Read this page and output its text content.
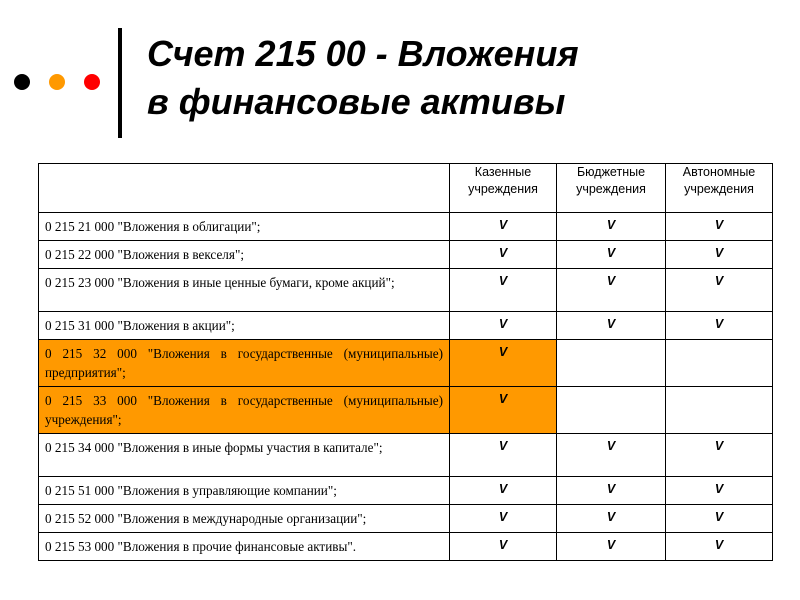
Счет 215 00 - Вложения
в финансовые активы
	Казенные учреждения	Бюджетные учреждения	Автономные учреждения
0 215 21 000 "Вложения в облигации";	V	V	V
0 215 22 000 "Вложения в векселя";	V	V	V
0 215 23 000 "Вложения в иные ценные бумаги, кроме акций";	V	V	V
0 215 31 000 "Вложения в акции";	V	V	V
0 215 32 000 "Вложения в государственные (муниципальные) предприятия";	V		
0 215 33 000 "Вложения в государственные (муниципальные) учреждения";	V		
0 215 34 000 "Вложения в иные формы участия в капитале";	V	V	V
0 215 51 000 "Вложения в управляющие компании";	V	V	V
0 215 52 000 "Вложения в международные организации";	V	V	V
0 215 53 000 "Вложения в прочие финансовые активы".	V	V	V
